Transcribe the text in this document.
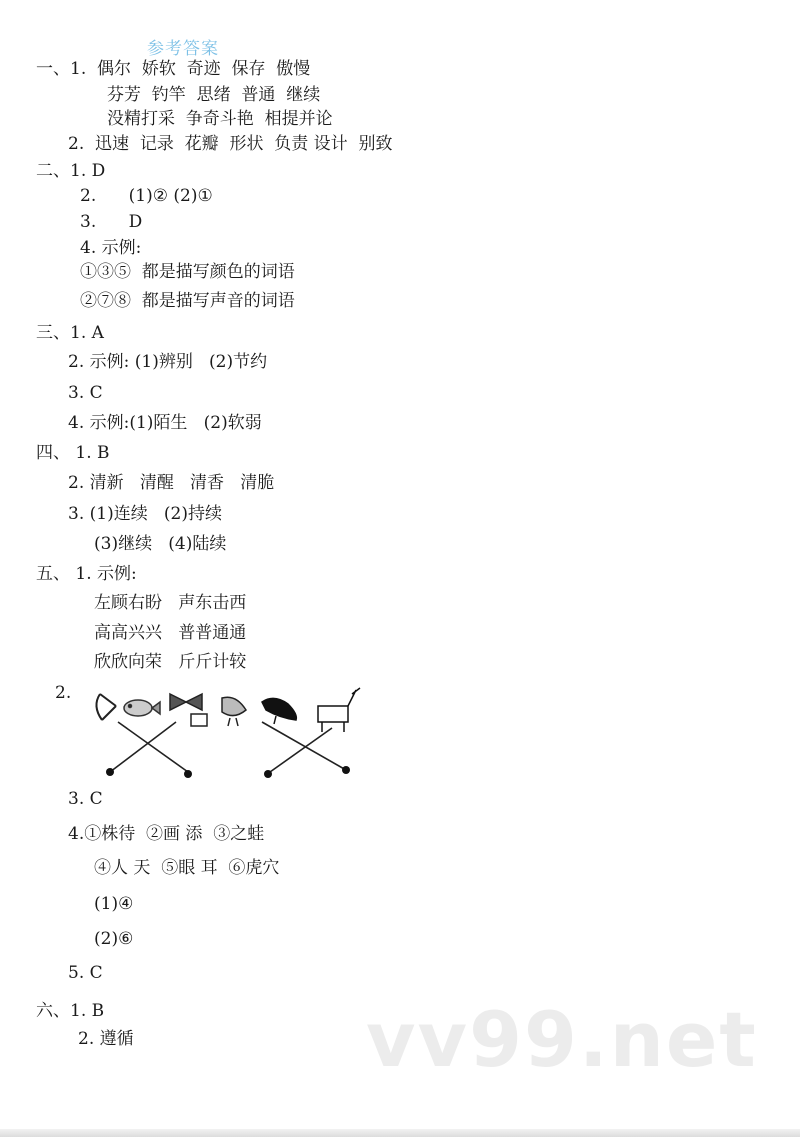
参考答案
一、1.  偶尔  娇软  奇迹  保存  傲慢
芬芳  钓竿  思绪  普通  继续
没精打采  争奇斗艳  相提并论
2.  迅速  记录  花瓣  形状  负责 设计  别致
二、1. D
2.      (1)② (2)①
3.      D
4. 示例:
①③⑤  都是描写颜色的词语
②⑦⑧  都是描写声音的词语
三、1. A
2. 示例: (1)辨别   (2)节约
3. C
4. 示例:(1)陌生   (2)软弱
四、 1. B
2. 清新   清醒   清香   清脆
3. (1)连续   (2)持续
(3)继续   (4)陆续
五、 1. 示例:
左顾右盼   声东击西
高高兴兴   普普通通
欣欣向荣   斤斤计较
2.
3. C
4.①株待  ②画 添  ③之蛙
④人 天  ⑤眼 耳  ⑥虎穴
(1)④
(2)⑥
5. C
六、1. B
2. 遵循	vv99.net
